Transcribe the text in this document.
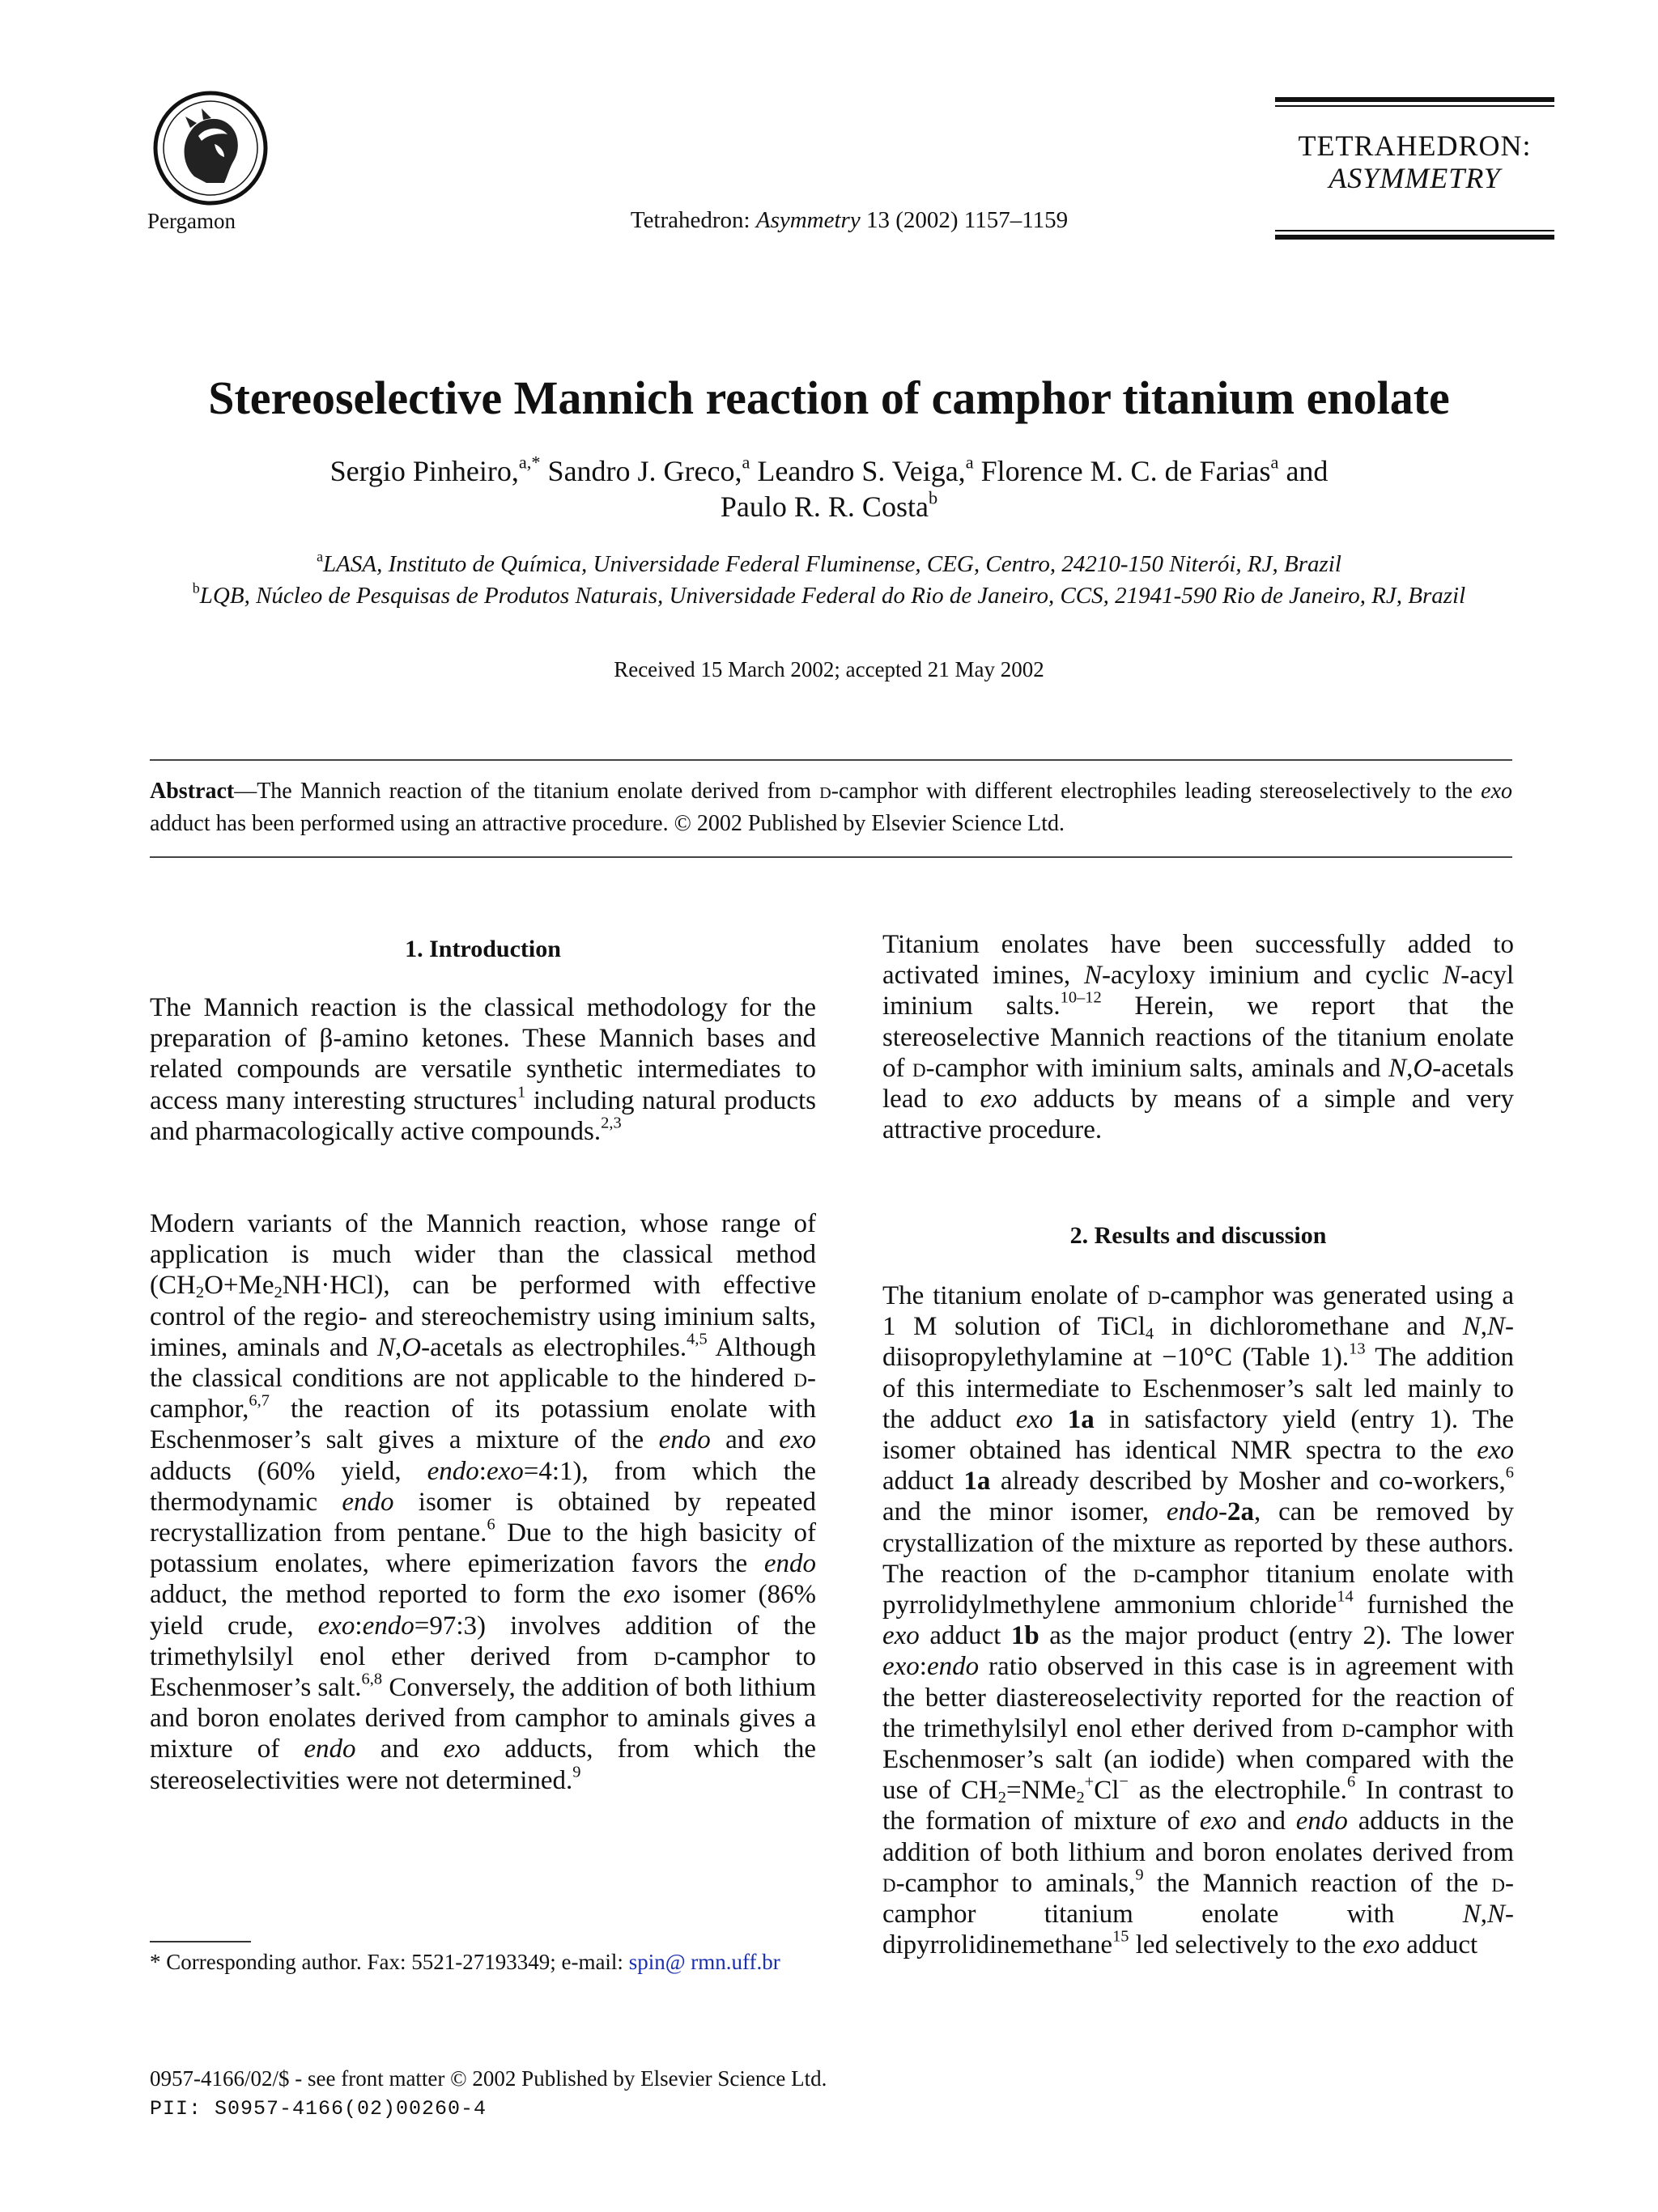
Pergamon	Tetrahedron: Asymmetry 13 (2002) 1157–1159
TETRAHEDRON:
ASYMMETRY
Stereoselective Mannich reaction of camphor titanium enolate
Sergio Pinheiro,$^{a,*}$ Sandro J. Greco,$^a$ Leandro S. Veiga,$^a$ Florence M. C. de Farias$^a$ and
Paulo R. R. Costa$^b$
$^a$LASA, Instituto de Química, Universidade Federal Fluminense, CEG, Centro, 24210-150 Niterói, RJ, Brazil
$^b$LQB, Núcleo de Pesquisas de Produtos Naturais, Universidade Federal do Rio de Janeiro, CCS, 21941-590 Rio de Janeiro, RJ, Brazil
Received 15 March 2002; accepted 21 May 2002
Abstract—The Mannich reaction of the titanium enolate derived from d-camphor with different electrophiles leading stereoselectively to the exo adduct has been performed using an attractive procedure. © 2002 Published by Elsevier Science Ltd.
1. Introduction

The Mannich reaction is the classical methodology for the preparation of β-amino ketones. These Mannich bases and related compounds are versatile synthetic intermediates to access many interesting structures$^1$ including natural products and pharmacologically active compounds.$^{2,3}$

Modern variants of the Mannich reaction, whose range of application is much wider than the classical method $(CH_2O+Me_2NH\cdot HCl)$, can be performed with effective control of the regio- and stereochemistry using iminium salts, imines, aminals and N,O-acetals as electrophiles.$^{4,5}$ Although the classical conditions are not applicable to the hindered d-camphor,$^{6,7}$ the reaction of its potassium enolate with Eschenmoser’s salt gives a mixture of the endo and exo adducts (60% yield, endo:exo=4:1), from which the thermodynamic endo isomer is obtained by repeated recrystallization from pentane.$^6$ Due to the high basicity of potassium enolates, where epimerization favors the endo adduct, the method reported to form the exo isomer (86% yield crude, exo:endo=97:3) involves addition of the trimethylsilyl enol ether derived from d-camphor to Eschenmoser’s salt.$^{6,8}$ Conversely, the addition of both lithium and boron enolates derived from camphor to aminals gives a mixture of endo and exo adducts, from which the stereoselectivities were not determined.$^9$

* Corresponding author. Fax: 5521-27193349; e-mail: spin@ rmn.uff.br

Titanium enolates have been successfully added to activated imines, N-acyloxy iminium and cyclic N-acyl iminium salts.$^{10-12}$ Herein, we report that the stereoselective Mannich reactions of the titanium enolate of d-camphor with iminium salts, aminals and N,O-acetals lead to exo adducts by means of a simple and very attractive procedure.

2. Results and discussion

The titanium enolate of d-camphor was generated using a 1 M solution of TiCl$_4$ in dichloromethane and N,N-diisopropylethylamine at −10°C (Table 1).$^{13}$ The addition of this intermediate to Eschenmoser’s salt led mainly to the adduct exo 1a in satisfactory yield (entry 1). The isomer obtained has identical NMR spectra to the exo adduct 1a already described by Mosher and co-workers,$^6$ and the minor isomer, endo-2a, can be removed by crystallization of the mixture as reported by these authors. The reaction of the d-camphor titanium enolate with pyrrolidylmethylene ammonium chloride$^{14}$ furnished the exo adduct 1b as the major product (entry 2). The lower exo:endo ratio observed in this case is in agreement with the better diastereoselectivity reported for the reaction of the trimethylsilyl enol ether derived from d-camphor with Eschenmoser’s salt (an iodide) when compared with the use of $CH_2=NMe_2^+Cl^-$ as the electrophile.$^6$ In contrast to the formation of mixture of exo and endo adducts in the addition of both lithium and boron enolates derived from d-camphor to aminals,$^9$ the Mannich reaction of the d-camphor titanium enolate with N,N-dipyrrolidinemethane$^{15}$ led selectively to the exo adduct

0957-4166/02/$ - see front matter © 2002 Published by Elsevier Science Ltd.
PII: S0957-4166(02)00260-4
